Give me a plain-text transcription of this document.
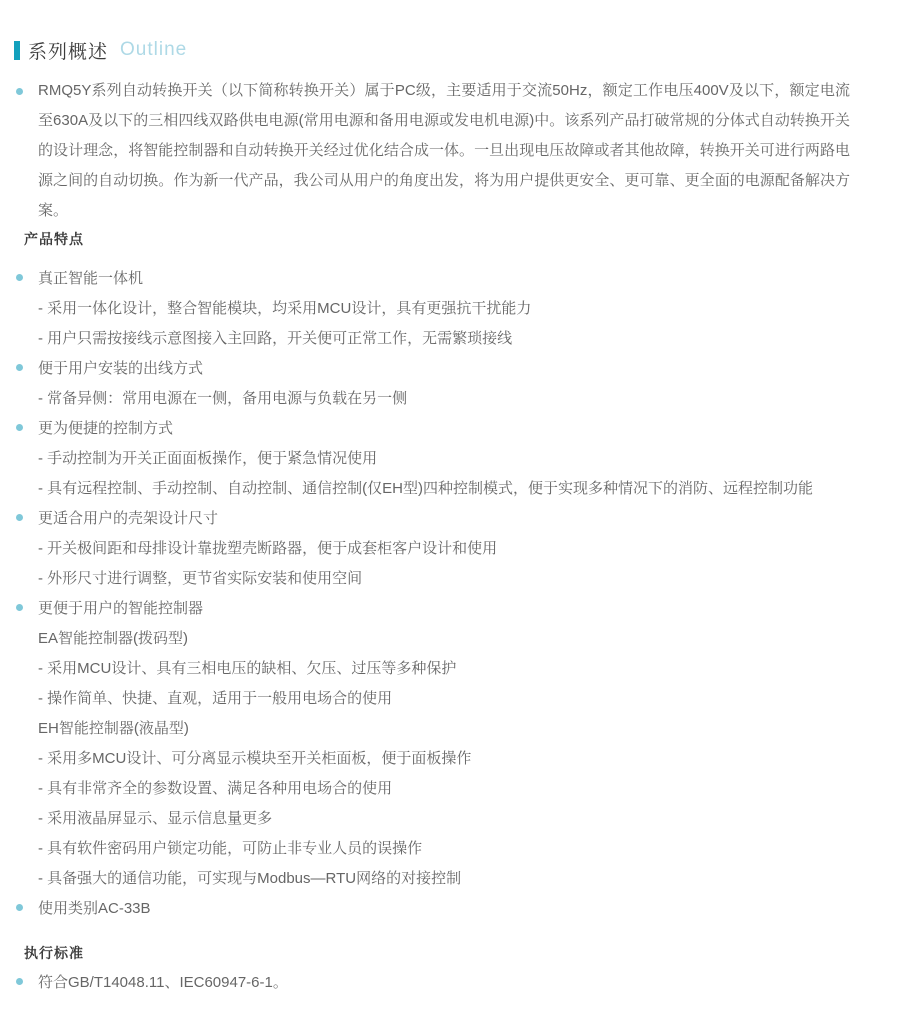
系列概述 Outline
RMQ5Y系列自动转换开关（以下简称转换开关）属于PC级，主要适用于交流50Hz，额定工作电压400V及以下，额定电流至630A及以下的三相四线双路供电电源(常用电源和备用电源或发电机电源)中。该系列产品打破常规的分体式自动转换开关的设计理念，将智能控制器和自动转换开关经过优化结合成一体。一旦出现电压故障或者其他故障，转换开关可进行两路电源之间的自动切换。作为新一代产品，我公司从用户的角度出发，将为用户提供更安全、更可靠、更全面的电源配备解决方案。
产品特点
真正智能一体机
- 采用一体化设计，整合智能模块，均采用MCU设计，具有更强抗干扰能力
- 用户只需按接线示意图接入主回路，开关便可正常工作，无需繁琐接线
便于用户安装的出线方式
- 常备异侧：常用电源在一侧，备用电源与负载在另一侧
更为便捷的控制方式
- 手动控制为开关正面面板操作，便于紧急情况使用
- 具有远程控制、手动控制、自动控制、通信控制(仅EH型)四种控制模式，便于实现多种情况下的消防、远程控制功能
更适合用户的壳架设计尺寸
- 开关极间距和母排设计靠拢塑壳断路器，便于成套柜客户设计和使用
- 外形尺寸进行调整，更节省实际安装和使用空间
更便于用户的智能控制器
EA智能控制器(拨码型)
- 采用MCU设计、具有三相电压的缺相、欠压、过压等多种保护
- 操作简单、快捷、直观，适用于一般用电场合的使用
EH智能控制器(液晶型)
- 采用多MCU设计、可分离显示模块至开关柜面板，便于面板操作
- 具有非常齐全的参数设置、满足各种用电场合的使用
- 采用液晶屏显示、显示信息量更多
- 具有软件密码用户锁定功能，可防止非专业人员的误操作
- 具备强大的通信功能，可实现与Modbus—RTU网络的对接控制
使用类别AC-33B
执行标准
符合GB/T14048.11、IEC60947-6-1。
